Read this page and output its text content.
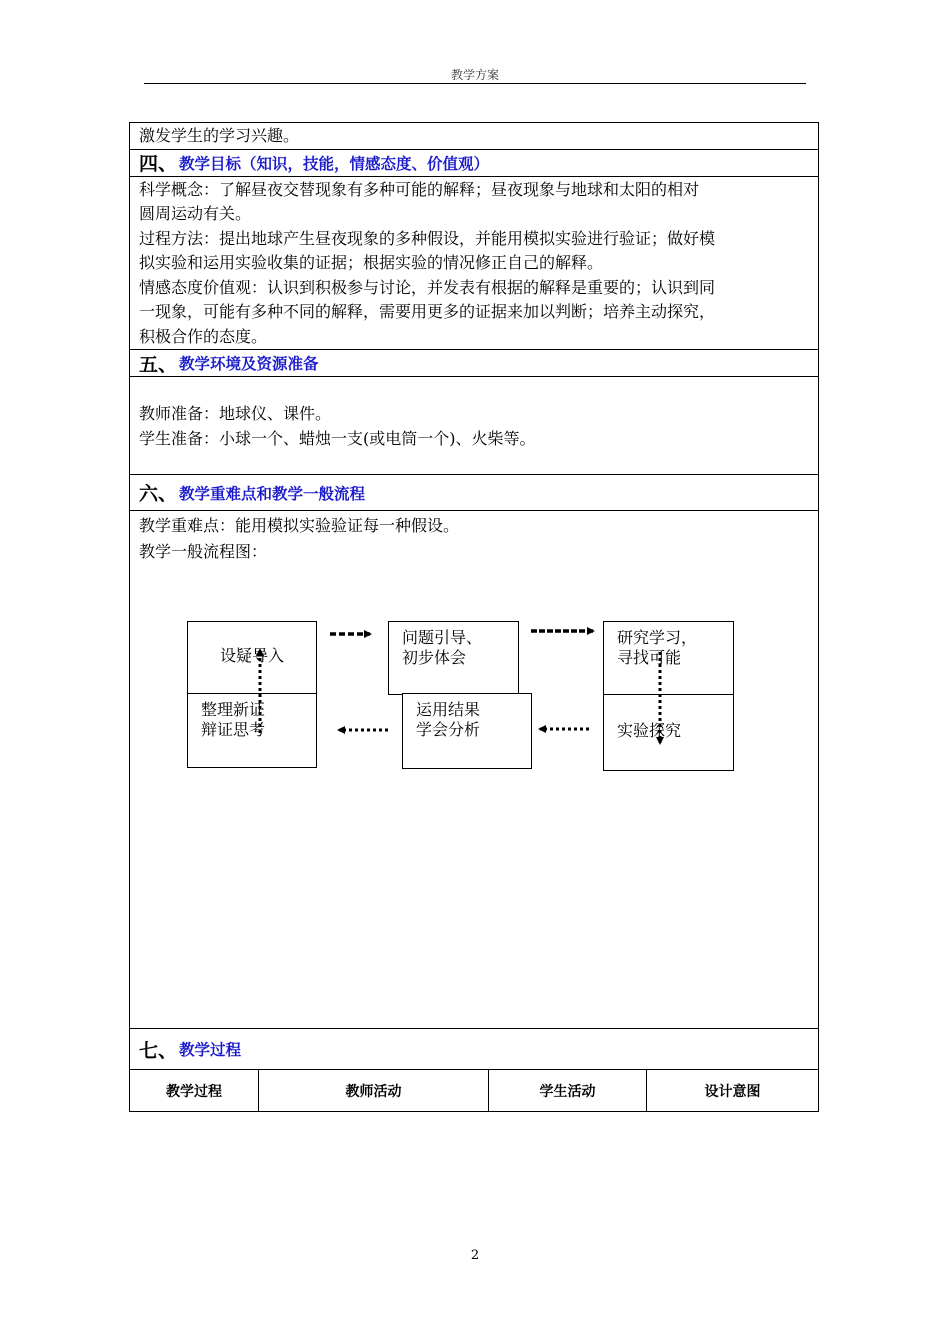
教学方案
激发学生的学习兴趣。
四、 教学目标（知识，技能，情感态度、价值观）
科学概念：了解昼夜交替现象有多种可能的解释；昼夜现象与地球和太阳的相对
圆周运动有关。
过程方法：提出地球产生昼夜现象的多种假设，并能用模拟实验进行验证；做好模
拟实验和运用实验收集的证据；根据实验的情况修正自己的解释。
情感态度价值观：认识到积极参与讨论，并发表有根据的解释是重要的；认识到同
一现象，可能有多种不同的解释，需要用更多的证据来加以判断；培养主动探究，
积极合作的态度。
五、 教学环境及资源准备
教师准备：地球仪、课件。
学生准备：小球一个、蜡烛一支(或电筒一个)、火柴等。
六、 教学重难点和教学一般流程
教学重难点：能用模拟实验验证每一种假设。
教学一般流程图：
设疑导入
问题引导、
初步体会
研究学习，
寻找可能
整理新证
辩证思考
运用结果
学会分析	实验探究
七、 教学过程
教学过程	教师活动	学生活动	设计意图
2
